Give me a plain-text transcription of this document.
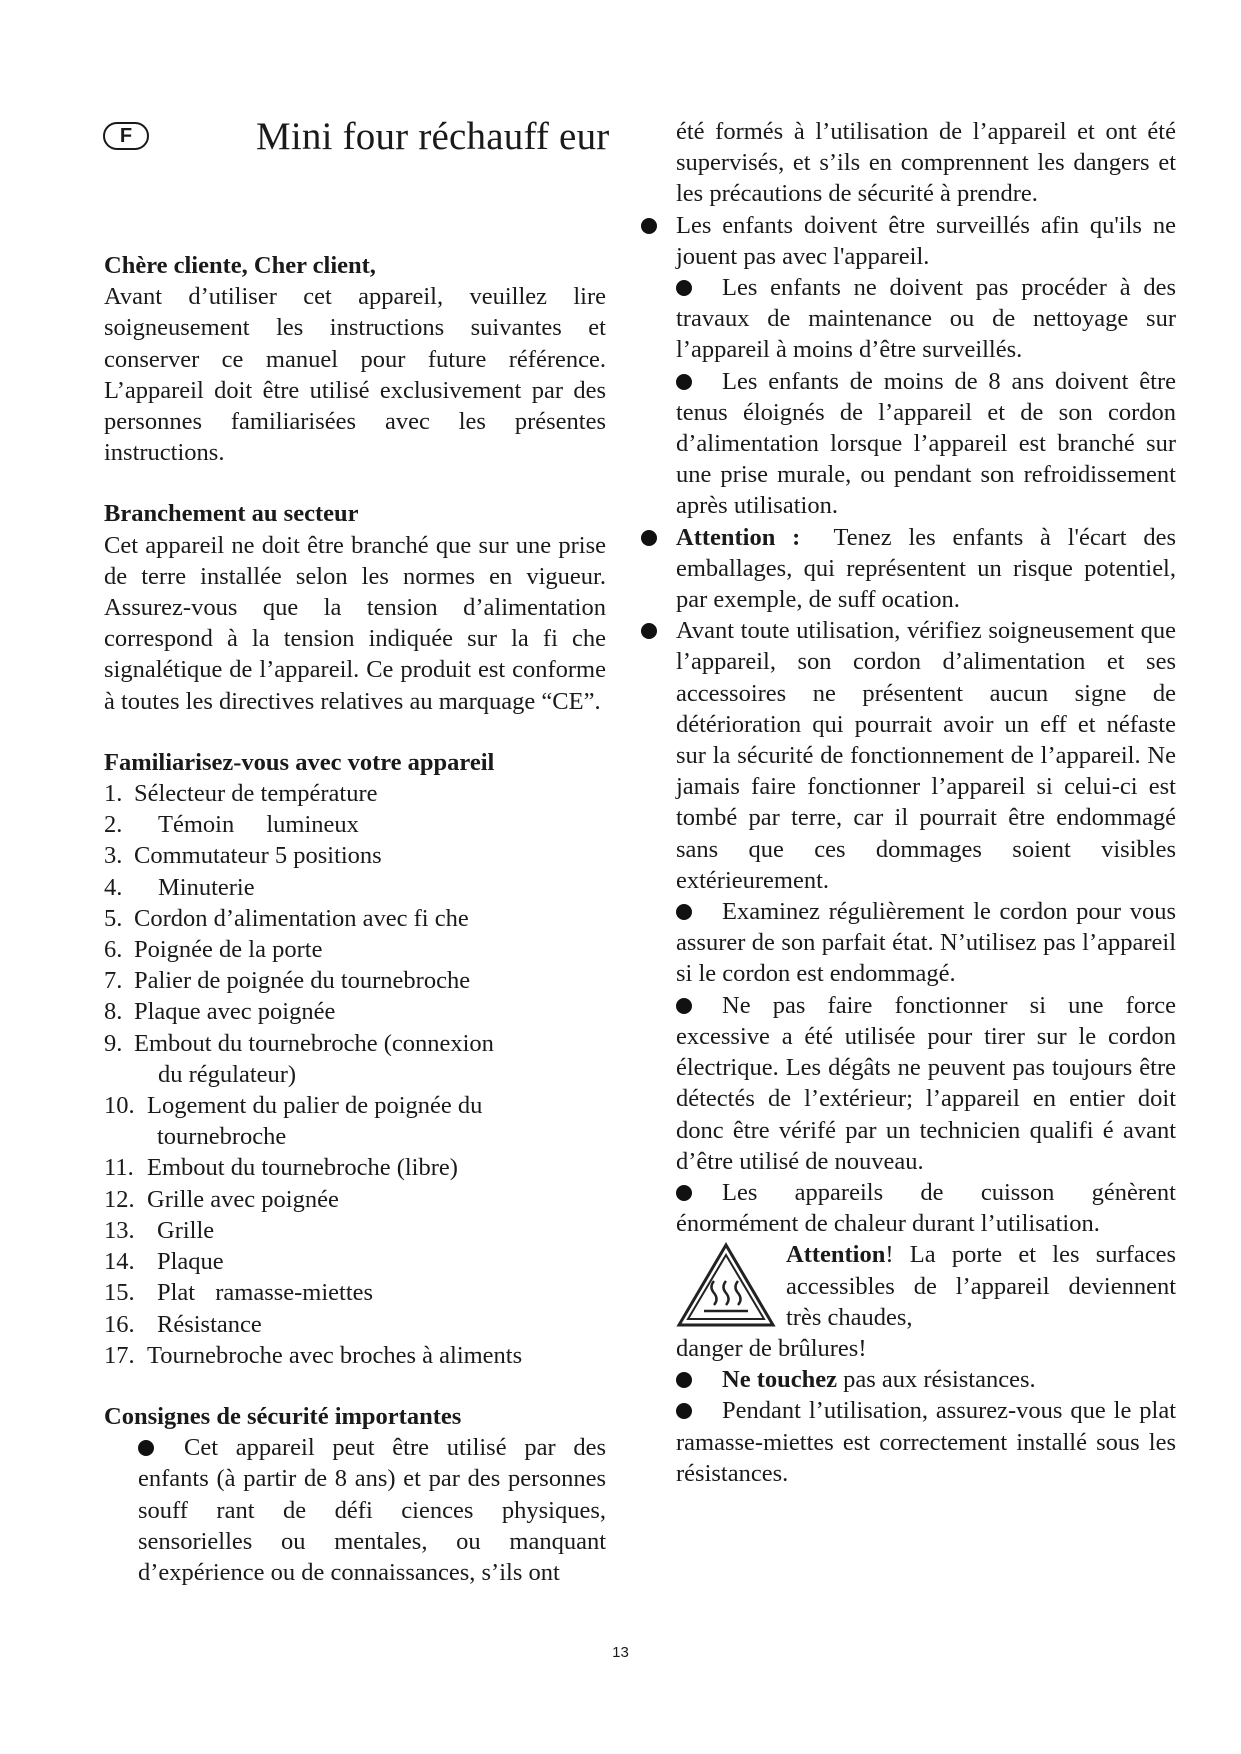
F	Mini four réchauff eur

Chère cliente, Cher client,

Avant d’utiliser cet appareil, veuillez lire soigneusement les instructions suivantes et conserver ce manuel pour future référence. L’appareil doit être utilisé exclusivement par des personnes familiarisées avec les présentes instructions.

Branchement au secteur

Cet appareil ne doit être branché que sur une prise de terre installée selon les normes en vigueur. Assurez-vous que la tension d’alimentation correspond à la tension indiquée sur la fi che signalétique de l’appareil. Ce produit est conforme à toutes les directives relatives au marquage “CE”.

Familiarisez-vous avec votre appareil

1. Sélecteur de température
2. Témoin lumineux
3. Commutateur 5 positions
4. Minuterie
5. Cordon d’alimentation avec fi che
6. Poignée de la porte
7. Palier de poignée du tournebroche
8. Plaque avec poignée
9. Embout du tournebroche (connexion
du régulateur)
10. Logement du palier de poignée du
tournebroche
11. Embout du tournebroche (libre)
12. Grille avec poignée
13. Grille
14. Plaque
15. Plat ramasse-miettes
16. Résistance
17. Tournebroche avec broches à aliments

Consignes de sécurité importantes

Cet appareil peut être utilisé par des enfants (à partir de 8 ans) et par des personnes souff rant de défi ciences physiques, sensorielles ou mentales, ou manquant d’expérience ou de connaissances, s’ils ont

été formés à l’utilisation de l’appareil et ont été supervisés, et s’ils en comprennent les dangers et les précautions de sécurité à prendre.

Les enfants doivent être surveillés afin qu'ils ne jouent pas avec l'appareil.
Les enfants ne doivent pas procéder à des travaux de maintenance ou de nettoyage sur l’appareil à moins d’être surveillés.
Les enfants de moins de 8 ans doivent être tenus éloignés de l’appareil et de son cordon d’alimentation lorsque l’appareil est branché sur une prise murale, ou pendant son refroidissement après utilisation.
Attention : Tenez les enfants à l'écart des emballages, qui représentent un risque potentiel, par exemple, de suff ocation.
Avant toute utilisation, vérifiez soigneusement que l’appareil, son cordon d’alimentation et ses accessoires ne présentent aucun signe de détérioration qui pourrait avoir un eff et néfaste sur la sécurité de fonctionnement de l’appareil. Ne jamais faire fonctionner l’appareil si celui-ci est tombé par terre, car il pourrait être endommagé sans que ces dommages soient visibles extérieurement.
Examinez régulièrement le cordon pour vous assurer de son parfait état. N’utilisez pas l’appareil si le cordon est endommagé.
Ne pas faire fonctionner si une force excessive a été utilisée pour tirer sur le cordon électrique. Les dégâts ne peuvent pas toujours être détectés de l’extérieur; l’appareil en entier doit donc être vérifé par un technicien qualifi é avant d’être utilisé de nouveau.
Les appareils de cuisson génèrent énormément de chaleur durant l’utilisation.
Attention! La porte et les surfaces accessibles de l’appareil deviennent très chaudes,
danger de brûlures!
Ne touchez pas aux résistances.
Pendant l’utilisation, assurez-vous que le plat ramasse-miettes est correctement installé sous les résistances.
13
